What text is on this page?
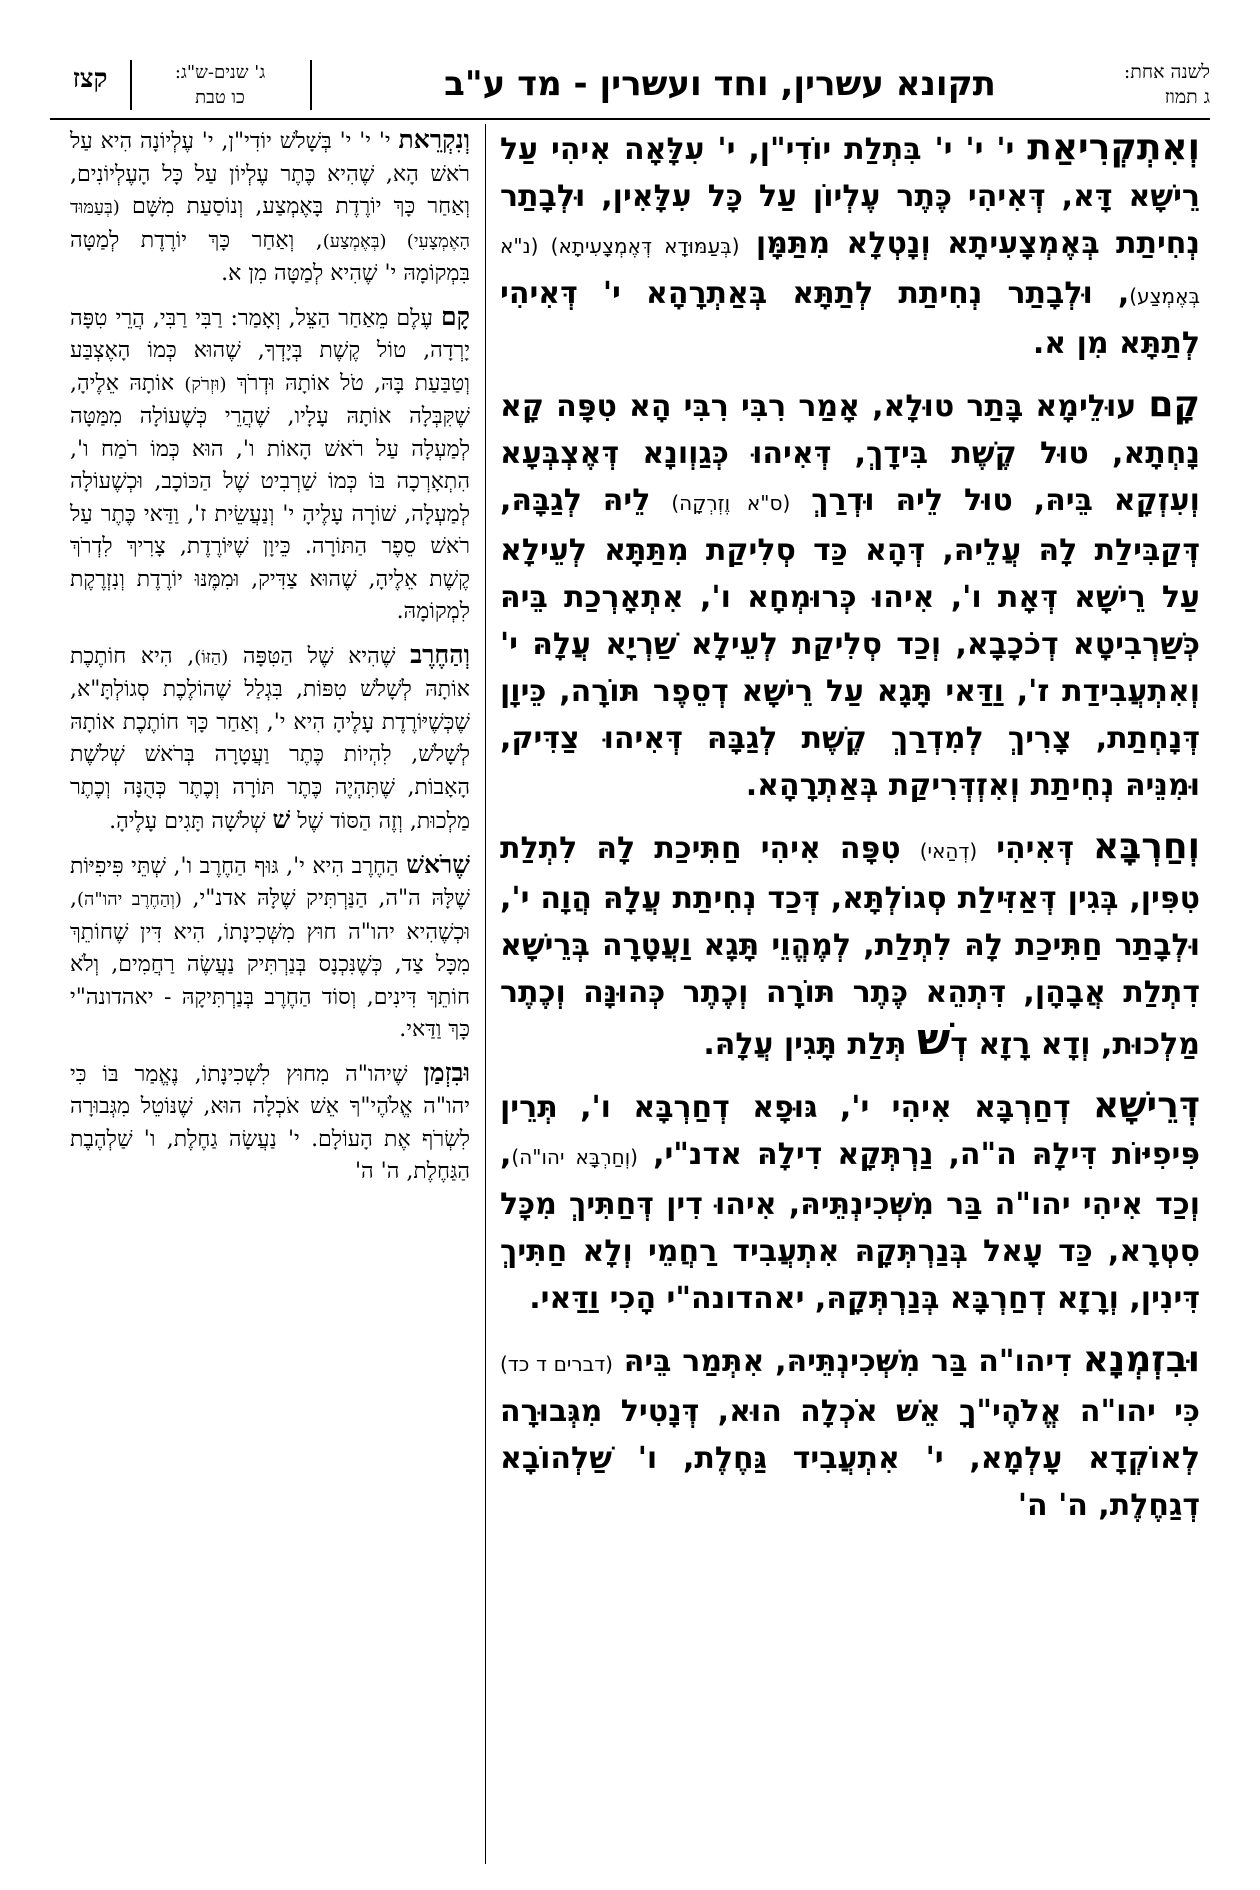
לשנה אחת:
ג תמוז
תקונא עשרין, וחד ועשרין - מד ע"ב
ג' שנים-ש"ג:
כו טבת
קצז

וְאִתְקְרִיאַת י' י' י' בִּתְלַת יוֹדִי"ן, י' עִלָּאָה אִיהִי עַל רֵישָׁא דָּא, דְּאִיהִי כֶּתֶר עֶלְיוֹן עַל כָּל עִלָּאִין, וּלְבָתַר נְחִיתַת בְּאֶמְצָעִיתָא וְנָטְלָא מִתַּמָּן (בְּעַמּוּדָא דְּאֶמְצָעִיתָא) (נ"א בְּאֶמְצַע), וּלְבָתַר נְחִיתַת לְתַתָּא בְּאַתְרָהָא י' דְּאִיהִי לְתַתָּא מִן א.

קָם עוּלֵימָא בָּתַר טוּלָא, אָמַר רִבִּי רִבִּי הָא טִפָּה קָא נָחְתָא, טוּל קֶשֶׁת בִּידָךְ, דְּאִיהוּ כְּגַוְונָא דְּאֶצְבְּעָא וְעִזְקָא בֵּיהּ, טוּל לֵיהּ וּדְרַךְ (ס"א וֶזְרְקָה) לֵיהּ לְגַבָּהּ, דְּקַבִּילַת לָהּ עֲלֵיהּ, דְּהָא כַּד סְלִיקַת מִתַּתָּא לְעֵילָא עַל רֵישָׁא דְּאָת ו', אִיהוּ כְּרוּמְחָא ו', אִתְאָרְכַת בֵּיהּ כְּשַׁרְבִיטָא דְכֹכָבָא, וְכַד סְלִיקַת לְעֵילָא שַׁרְיָא עֲלָהּ י' וְאִתְעֲבִידַת ז', וַדַּאי תָּגָא עַל רֵישָׁא דְסֵפֶר תּוֹרָה, כֵּיוָן דְּנָחְתַת, צָרִיךְ לְמִדְרַךְ קֶשֶׁת לְגַבָּהּ דְּאִיהוּ צַדִּיק, וּמִנֵּיהּ נְחִיתַת וְאִזְדְּרִיקַת בְּאַתְרָהָא.

וְחַרְבָּא דְּאִיהִי (דְהַאי) טִפָּה אִיהִי חַתִּיכַת לָהּ לִתְלַת טִפִּין, בְּגִין דְּאַזִּילַת סְגוֹלְתָּא, דְּכַד נְחִיתַת עֲלָהּ הֲוָה י', וּלְבָתַר חַתִּיכַת לָהּ לִתְלַת, לְמֶהֱוֵי תָּגָא וַעֲטָרָה בְּרֵישָׁא דִתְלַת אֲבָהָן, דִּתְהֵא כֶּתֶר תּוֹרָה וְכֶתֶר כְּהוּנָּה וְכֶתֶר מַלְכוּת, וְדָא רָזָא דְשׁ תְּלַת תָּגִין עֲלָהּ.

דְּרֵישָׁא דְחַרְבָּא אִיהִי י', גּוּפָא דְחַרְבָּא ו', תְּרֵין פִּיפִיּוֹת דִּילָהּ ה"ה, נַרְתְּקָא דִילָהּ אדנ"י, (וְחַרְבָּא יהו"ה), וְכַד אִיהִי יהו"ה בַּר מִשְּׁכִינְתֵּיהּ, אִיהוּ דִין דְּחַתִּיךְ מִכָּל סִטְרָא, כַּד עָאל בְּנַרְתְּקָהּ אִתְעֲבִיד רַחֲמֵי וְלָא חַתִּיךְ דִּינִין, וְרָזָא דְחַרְבָּא בְּנַרְתְּקָהּ, יאהדונה"י הָכִי וַדַּאי.

וּבִזְמְנָא דִיהו"ה בַּר מִשְּׁכִינְתֵּיהּ, אִתְּמַר בֵּיהּ (דברים ד כד) כִּי יהו"ה אֱלֹהֶי"ךָ אֵשׁ אֹכְלָה הוּא, דְּנָטִיל מִגְּבוּרָה לְאוֹקְדָא עָלְמָא, י' אִתְעֲבִיד גַּחֶלֶת, ו' שַׁלְהוֹבָא דְגַחֶלֶת, ה' ה'

וְנִקְרֵאת י' י' י' בְּשָׁלֹשׁ יוֹדִי"ן, י' עֶלְיוֹנָה הִיא עַל רֹאשׁ הָא, שֶׁהִיא כֶּתֶר עֶלְיוֹן עַל כָּל הָעֶלְיוֹנִים, וְאַחַר כָּךְ יוֹרֶדֶת בָּאֶמְצַע, וְנוֹסַעַת מִשָּׁם (בְּעַמּוּד הָאֶמְצָעִי) (בְּאֶמְצַע), וְאַחַר כָּךְ יוֹרֶדֶת לְמַטָּה בִּמְקוֹמָהּ י' שֶׁהִיא לְמַטָּה מִן א.

קָם עֶלֶם מֵאַחַר הַצֵּל, וְאָמַר: רַבִּי רַבִּי, הֲרֵי טִפָּה יָרְדָה, טוֹל קֶשֶׁת בְּיָדְךָ, שֶׁהוּא כְּמוֹ הָאֶצְבַּע וְטַבַּעַת בָּהּ, טֹל אוֹתָהּ וּדְרֹךְ (וּזְרֹק) אוֹתָהּ אֵלֶיהָ, שֶׁקִּבְּלָה אוֹתָהּ עָלָיו, שֶׁהֲרֵי כְּשֶׁעוֹלָה מִמַּטָּה לְמַעְלָה עַל רֹאשׁ הָאוֹת ו', הוּא כְּמוֹ רֹמַח ו', הִתְאָרְכָה בּוֹ כְּמוֹ שַׁרְבִיט שֶׁל הַכּוֹכָב, וּכְשֶׁעוֹלָה לְמַעְלָה, שׁוֹרָה עָלֶיהָ י' וְנַעֲשֵׂית ז', וַדַּאי כֶּתֶר עַל רֹאשׁ סֵפֶר הַתּוֹרָה. כֵּיוָן שֶׁיּוֹרֶדֶת, צָרִיךְ לִדְרֹךְ קֶשֶׁת אֵלֶיהָ, שֶׁהוּא צַדִּיק, וּמִמֶּנּוּ יוֹרֶדֶת וְנִזְרֶקֶת לִמְקוֹמָהּ.

וְהַחֶרֶב שֶׁהִיא שֶׁל הַטִּפָּה (הַזּוֹ), הִיא חוֹתֶכֶת אוֹתָהּ לְשָׁלֹשׁ טִפּוֹת, בִּגְלַל שֶׁהוֹלֶכֶת סְגוֹלְתָּ"א, שֶׁכְּשֶׁיּוֹרֶדֶת עָלֶיהָ הִיא י', וְאַחַר כָּךְ חוֹתֶכֶת אוֹתָהּ לְשָׁלֹשׁ, לִהְיוֹת כֶּתֶר וַעֲטָרָה בְּרֹאשׁ שְׁלֹשֶׁת הָאָבוֹת, שֶׁתִּהְיֶה כֶּתֶר תּוֹרָה וְכֶתֶר כְּהֻנָּה וְכֶתֶר מַלְכוּת, וְזֶה הַסּוֹד שֶׁל שׁ שְׁלֹשָׁה תָּגִים עָלֶיהָ.

שֶׁרֹאשׁ הַחֶרֶב הִיא י', גּוּף הַחֶרֶב ו', שְׁתֵּי פִּיפִיּוֹת שֶׁלָּהּ ה"ה, הַנַּרְתִּיק שֶׁלָּהּ אדנ"י, (וְהַחֶרֶב יהו"ה), וּכְשֶׁהִיא יהו"ה חוּץ מִשְּׁכִינָתוֹ, הִיא דִּין שֶׁחוֹתֵךְ מִכָּל צַד, כְּשֶׁנִּכְנָס בְּנַרְתִּיק נַעֲשֶׂה רַחֲמִים, וְלֹא חוֹתֵךְ דִּינִים, וְסוֹד הַחֶרֶב בְּנַרְתִּיקָהּ - יאהדונה"י כָּךְ וַדַּאי.

וּבִזְמַן שֶׁיהו"ה מִחוּץ לִשְׁכִינָתוֹ, נֶאֱמַר בּוֹ כִּי יהו"ה אֱלֹהֶי"ךָ אֵשׁ אֹכְלָה הוּא, שֶׁנּוֹטֵל מִגְּבוּרָה לִשְׂרֹף אֶת הָעוֹלָם. י' נַעֲשָׂה גַחֶלֶת, ו' שַׁלְהֶבֶת הַגַּחֶלֶת, ה' ה'
